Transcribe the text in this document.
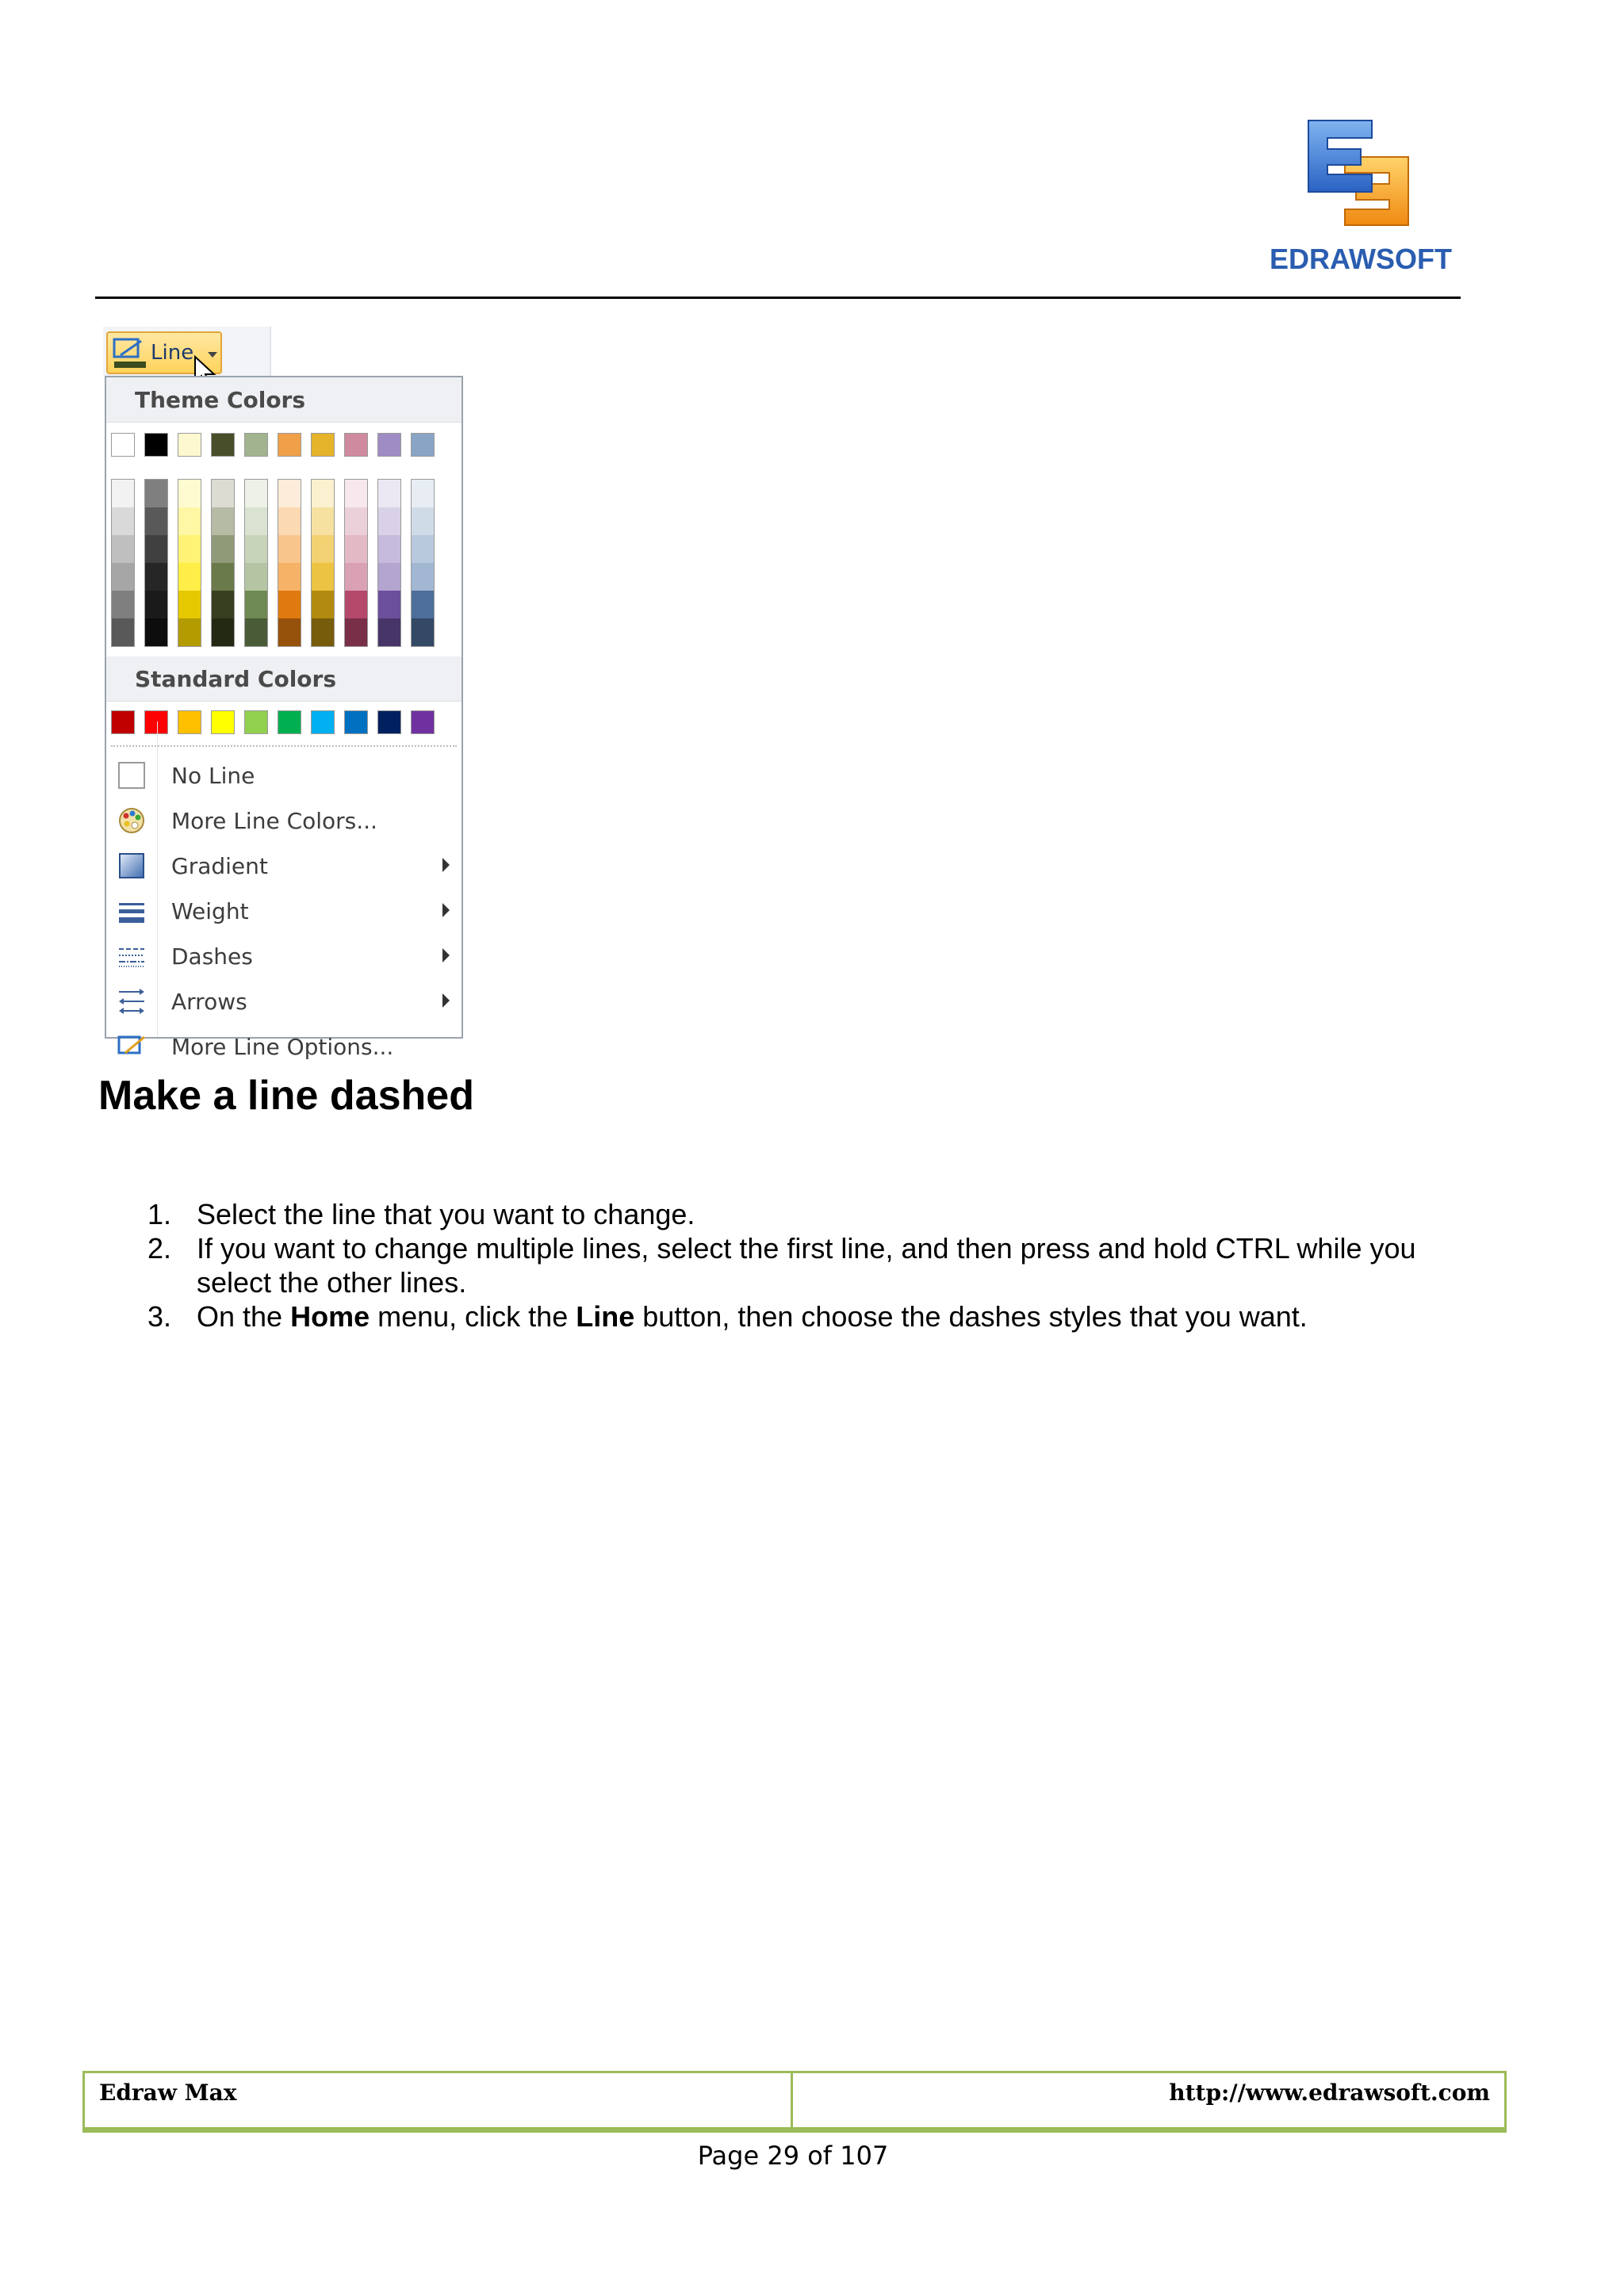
EDRAWSOFT
Line
Theme Colors
Standard Colors
No Line
More Line Colors...
Gradient
Weight
Dashes
Arrows
More Line Options...
Make a line dashed
1. Select the line that you want to change.
2. If you want to change multiple lines, select the first line, and then press and hold CTRL while you select the other lines.
3. On the Home menu, click the Line button, then choose the dashes styles that you want.
Edraw Max	http://www.edrawsoft.com
Page 29 of 107
